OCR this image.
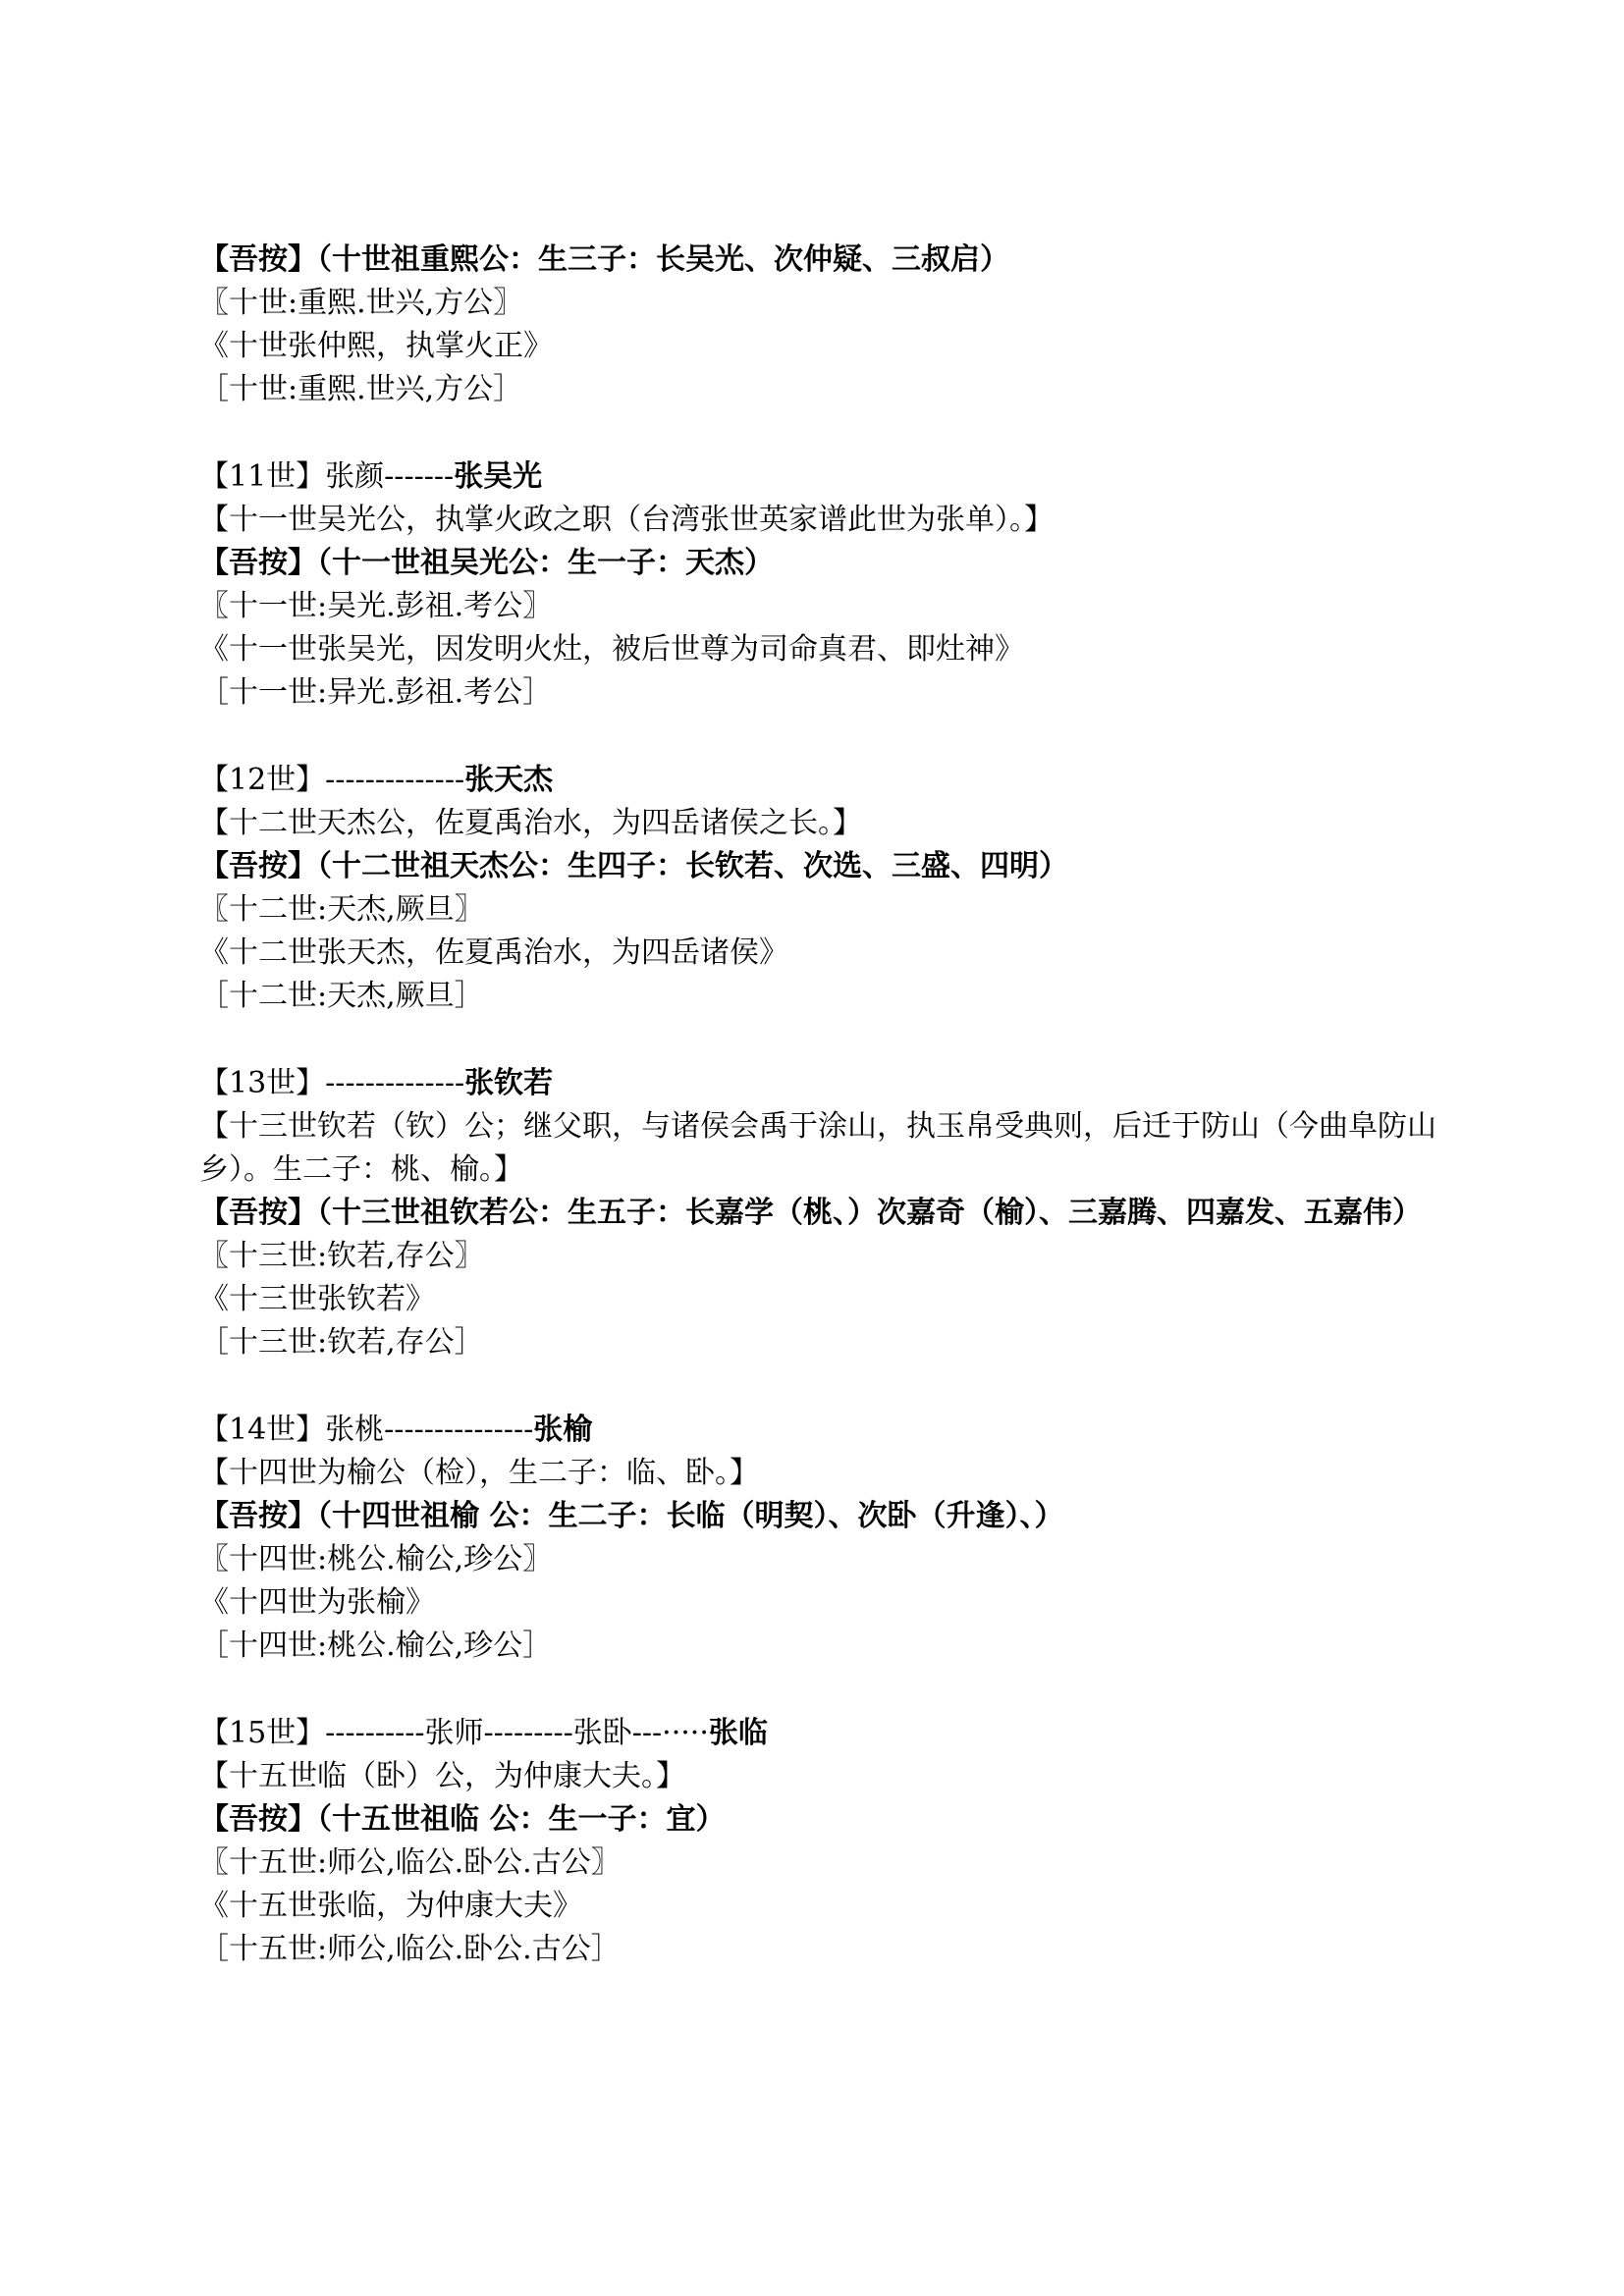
【吾按】（十世祖重熙公：生三子：长吴光、次仲疑、三叔启）
〖十世:重熙.世兴,方公〗
《十世张仲熙，执掌火正》
［十世:重熙.世兴,方公］
【11世】张颜-------张吴光
【十一世吴光公，执掌火政之职（台湾张世英家谱此世为张单）。】
【吾按】（十一世祖吴光公：生一子：天杰）
〖十一世:吴光.彭祖.考公〗
《十一世张吴光，因发明火灶，被后世尊为司命真君、即灶神》
［十一世:异光.彭祖.考公］
【12世】--------------张天杰
【十二世天杰公，佐夏禹治水，为四岳诸侯之长。】
【吾按】（十二世祖天杰公：生四子：长钦若、次选、三盛、四明）
〖十二世:天杰,厥旦〗
《十二世张天杰，佐夏禹治水，为四岳诸侯》
［十二世:天杰,厥旦］
【13世】--------------张钦若
【十三世钦若（钦）公；继父职，与诸侯会禹于涂山，执玉帛受典则，后迁于防山（今曲阜防山乡）。生二子：桃、榆。】
【吾按】（十三世祖钦若公：生五子：长嘉学（桃、）次嘉奇（榆）、三嘉腾、四嘉发、五嘉伟）
〖十三世:钦若,存公〗
《十三世张钦若》
［十三世:钦若,存公］
【14世】张桃---------------张榆
【十四世为榆公（检），生二子：临、卧。】
【吾按】（十四世祖榆 公：生二子：长临（明契）、次卧（升逢）、）
〖十四世:桃公.榆公,珍公〗
《十四世为张榆》
［十四世:桃公.榆公,珍公］
【15世】----------张师---------张卧---·····张临
【十五世临（卧）公，为仲康大夫。】
【吾按】（十五世祖临 公：生一子：宜）
〖十五世:师公,临公.卧公.古公〗
《十五世张临，为仲康大夫》
［十五世:师公,临公.卧公.古公］
